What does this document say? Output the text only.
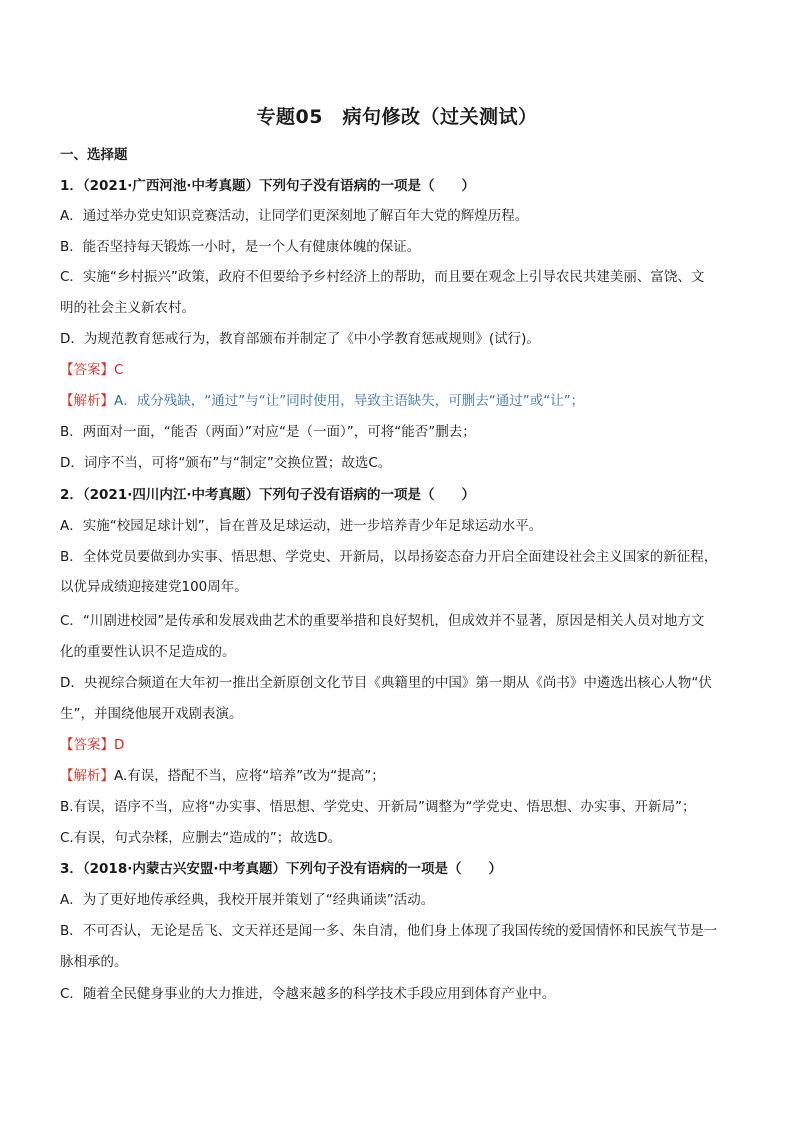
专题05　病句修改（过关测试）
一、选择题
1．（2021·广西河池·中考真题）下列句子没有语病的一项是（　　）
A．通过举办党史知识竞赛活动，让同学们更深刻地了解百年大党的辉煌历程。
B．能否坚持每天锻炼一小时，是一个人有健康体魄的保证。
C．实施“乡村振兴”政策，政府不但要给予乡村经济上的帮助，而且要在观念上引导农民共建美丽、富饶、文
明的社会主义新农村。
D．为规范教育惩戒行为，教育部颁布并制定了《中小学教育惩戒规则》(试行)。
【答案】C
【解析】A．成分残缺，“通过”与“让”同时使用，导致主语缺失，可删去“通过”或“让”；
B．两面对一面，“能否（两面）”对应“是（一面）”，可将“能否”删去；
D．词序不当，可将“颁布”与“制定”交换位置；故选C。
2．（2021·四川内江·中考真题）下列句子没有语病的一项是（　　）
A．实施“校园足球计划”，旨在普及足球运动，进一步培养青少年足球运动水平。
B．全体党员要做到办实事、悟思想、学党史、开新局，以昂扬姿态奋力开启全面建设社会主义国家的新征程，
以优异成绩迎接建党100周年。
C．“川剧进校园”是传承和发展戏曲艺术的重要举措和良好契机，但成效并不显著，原因是相关人员对地方文
化的重要性认识不足造成的。
D．央视综合频道在大年初一推出全新原创文化节目《典籍里的中国》第一期从《尚书》中遴选出核心人物“伏
生”，并围绕他展开戏剧表演。
【答案】D
【解析】A.有误，搭配不当，应将“培养”改为“提高”；
B.有误，语序不当，应将“办实事、悟思想、学党史、开新局”调整为“学党史、悟思想、办实事、开新局”；
C.有误，句式杂糅，应删去“造成的”；故选D。
3．（2018·内蒙古兴安盟·中考真题）下列句子没有语病的一项是（　　）
A．为了更好地传承经典，我校开展并策划了“经典诵读”活动。
B．不可否认，无论是岳飞、文天祥还是闻一多、朱自清，他们身上体现了我国传统的爱国情怀和民族气节是一
脉相承的。
C．随着全民健身事业的大力推进，令越来越多的科学技术手段应用到体育产业中。
